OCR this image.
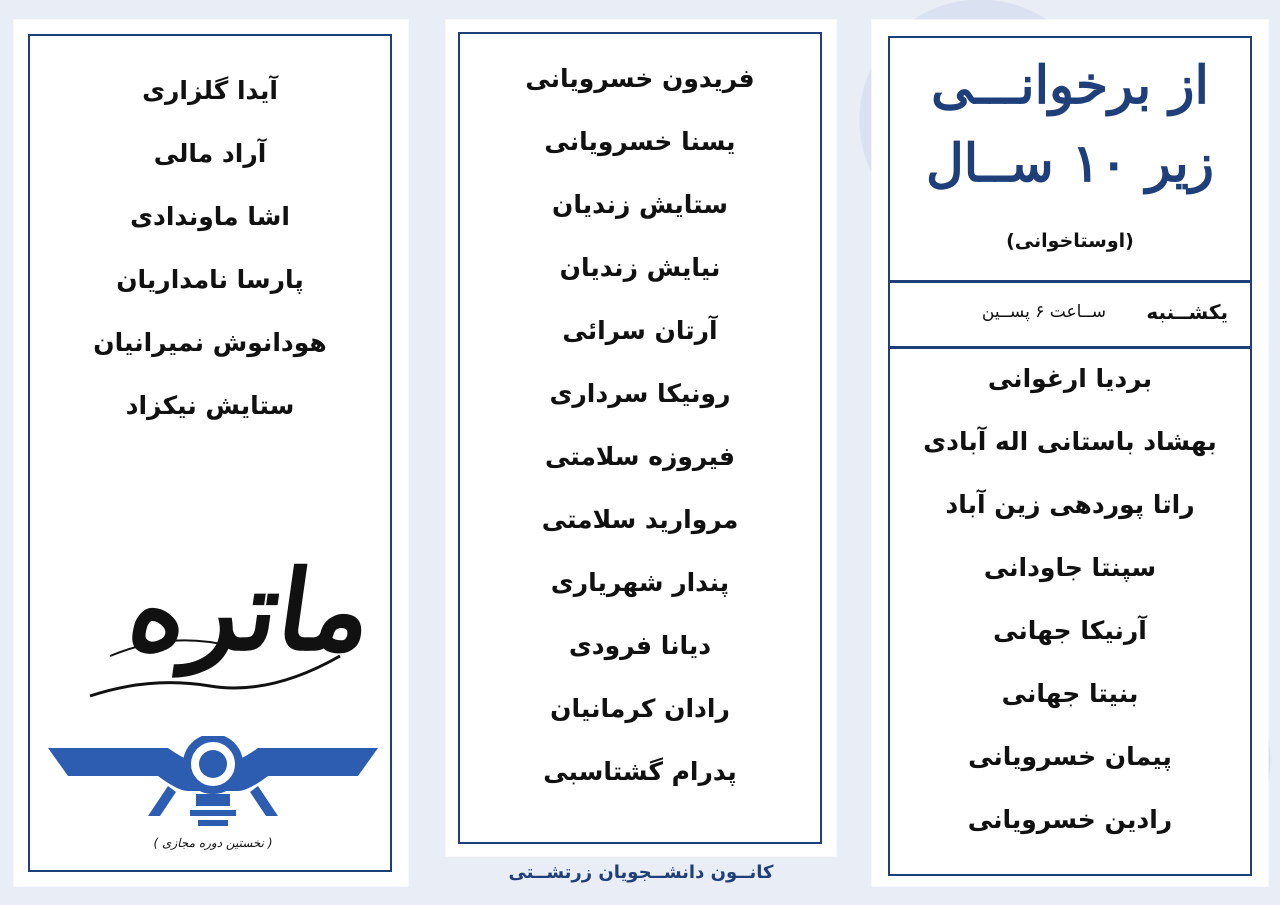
از برخوانـــی
زیر ۱۰ ســال
(اوستاخوانی)
یکشــنبه
ســاعت ۶ پســین
بردیا ارغوانی
بهشاد باستانی اله آبادی
راتا پوردهی زین آباد
سپنتا جاودانی
آرنیکا جهانی
بنیتا جهانی
پیمان خسرویانی
رادین خسرویانی
فریدون خسرویانی
یسنا خسرویانی
ستایش زندیان
نیایش زندیان
آرتان سرائی
رونیکا سرداری
فیروزه سلامتی
مروارید سلامتی
پندار شهریاری
دیانا فرودی
رادان کرمانیان
پدرام گشتاسبی
آیدا گلزاری
آراد مالی
اشا ماوندادی
پارسا نامداریان
هودانوش نمیرانیان
ستایش نیکزاد
ماتره
( نخستین دوره مجازی )
کانــون دانشــجویان زرتشــتی
